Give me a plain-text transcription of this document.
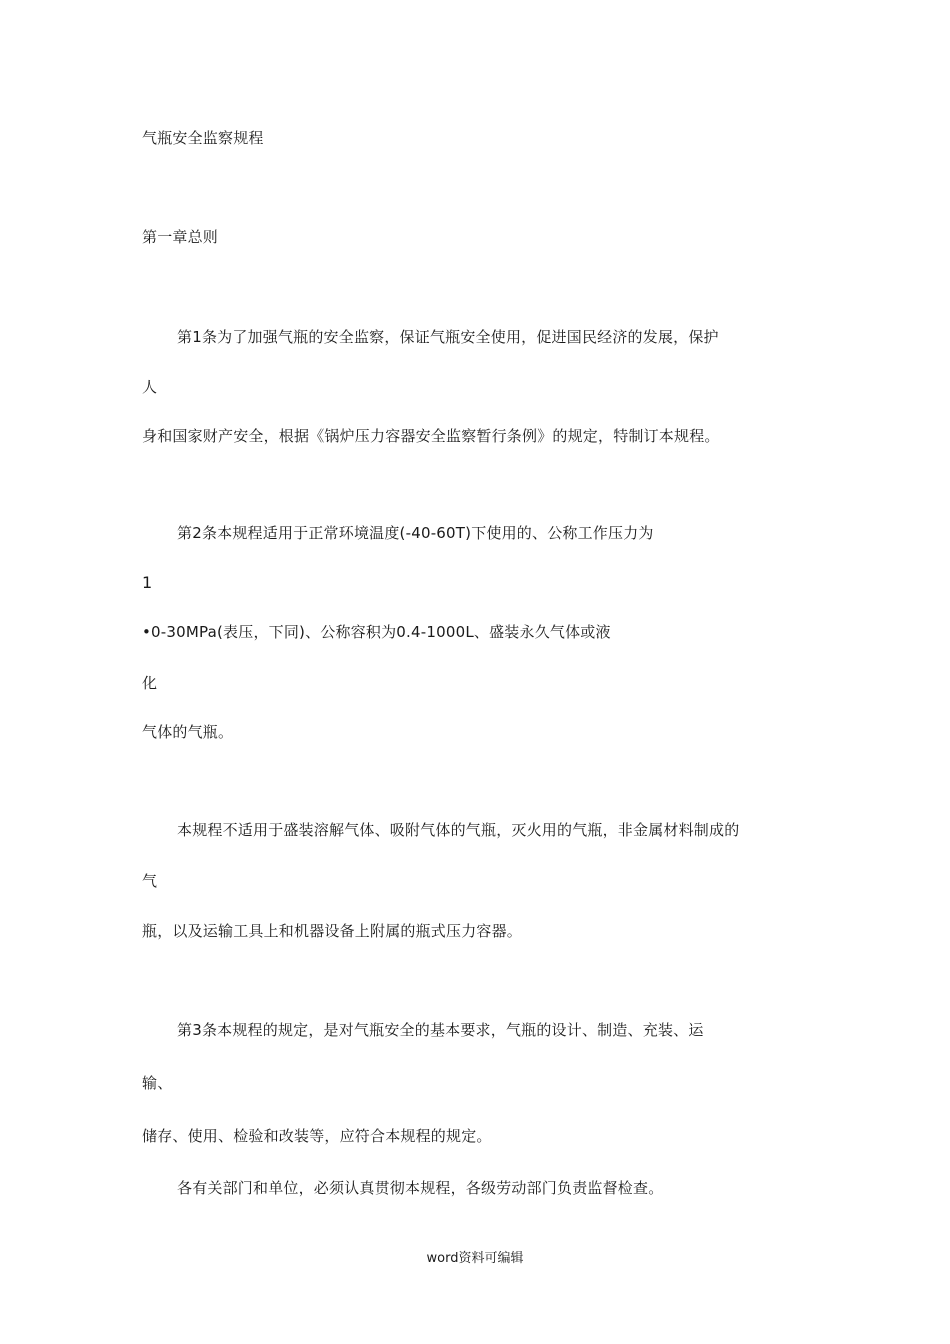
气瓶安全监察规程
第一章总则
第1条为了加强气瓶的安全监察，保证气瓶安全使用，促进国民经济的发展，保护
人
身和国家财产安全，根据《锅炉压力容器安全监察暂行条例》的规定，特制订本规程。
第2条本规程适用于正常环境温度(-40-60T)下使用的、公称工作压力为
1
•0-30MPa(表压，下同)、公称容积为0.4-1000L、盛装永久气体或液
化
气体的气瓶。
本规程不适用于盛装溶解气体、吸附气体的气瓶，灭火用的气瓶，非金属材料制成的
气
瓶，以及运输工具上和机器设备上附属的瓶式压力容器。
第3条本规程的规定，是对气瓶安全的基本要求，气瓶的设计、制造、充装、运
输、
储存、使用、检验和改装等，应符合本规程的规定。
各有关部门和单位，必须认真贯彻本规程，各级劳动部门负责监督检查。
word资料可编辑
